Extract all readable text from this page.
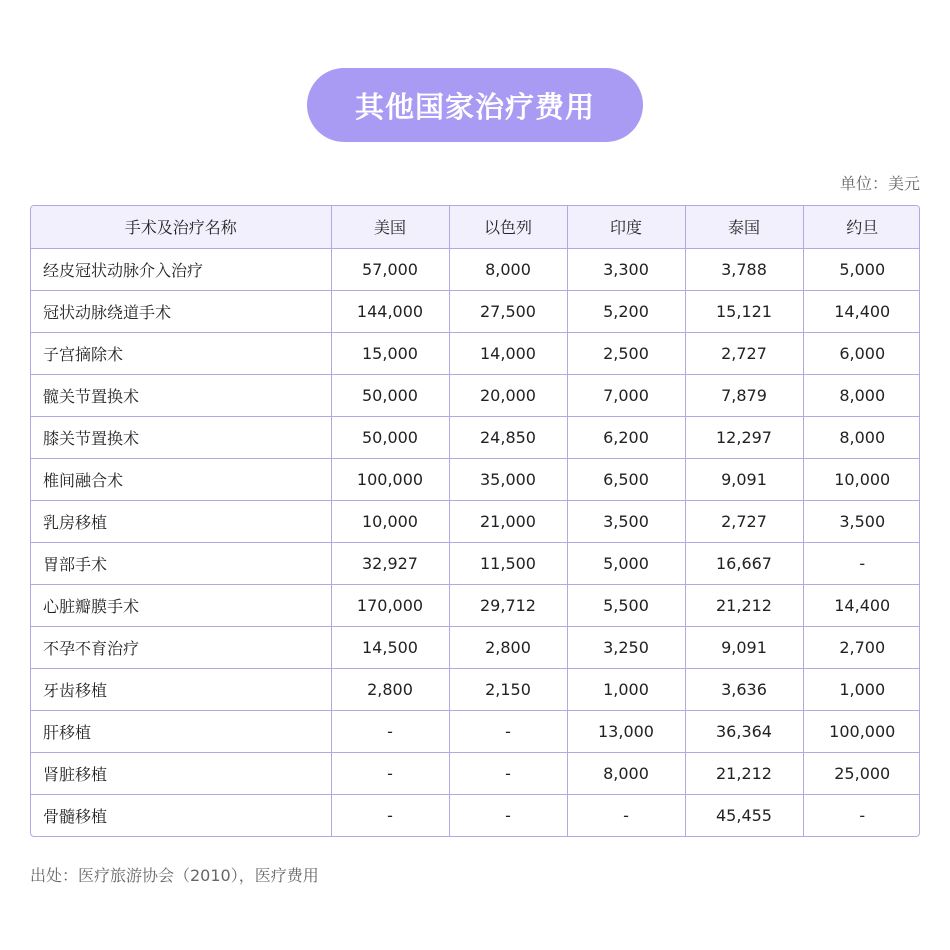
其他国家治疗费用
单位：美元
手术及治疗名称	美国	以色列	印度	泰国	约旦
经皮冠状动脉介入治疗	57,000	8,000	3,300	3,788	5,000
冠状动脉绕道手术	144,000	27,500	5,200	15,121	14,400
子宫摘除术	15,000	14,000	2,500	2,727	6,000
髋关节置换术	50,000	20,000	7,000	7,879	8,000
膝关节置换术	50,000	24,850	6,200	12,297	8,000
椎间融合术	100,000	35,000	6,500	9,091	10,000
乳房移植	10,000	21,000	3,500	2,727	3,500
胃部手术	32,927	11,500	5,000	16,667	-
心脏瓣膜手术	170,000	29,712	5,500	21,212	14,400
不孕不育治疗	14,500	2,800	3,250	9,091	2,700
牙齿移植	2,800	2,150	1,000	3,636	1,000
肝移植	-	-	13,000	36,364	100,000
肾脏移植	-	-	8,000	21,212	25,000
骨髓移植	-	-	-	45,455	-
出处：医疗旅游协会（2010），医疗费用
